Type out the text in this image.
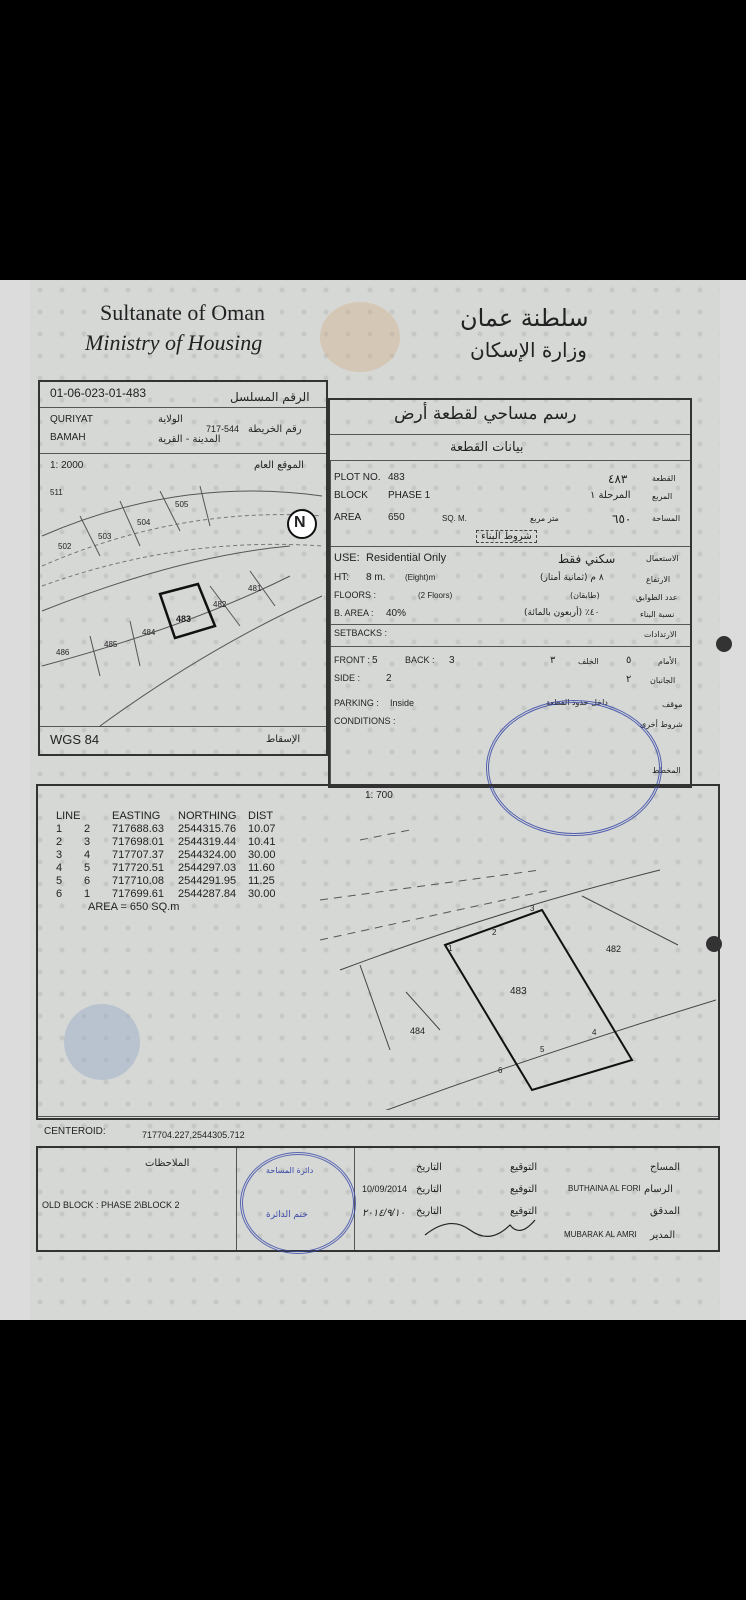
Sultanate of Oman
Ministry of Housing
سلطنة عمان
وزارة الإسكان
01-06-023-01-483	الرقم المسلسل
QURIYAT	الولاية
BAMAH	المدينة - القرية
717-544 رقم الخريطة
1: 2000	الموقع العام
N
511
505
504
503
502
481
482
483
484
485
486
WGS 84	الإسقاط
رسم مساحي لقطعة أرض
بيانات القطعة
PLOT NO. 483	٤٨٣	القطعة
BLOCK PHASE 1	المرحلة ١	المربع
AREA	650	SQ. M.	متر مربع	٦٥٠	المساحة
شروط البناء
USE: Residential Only	سكني فقط	الاستعمال
HT: 8 m. (Eight)m	٨ م (ثمانية أمتار)	الارتفاع
FLOORS :	(2 Floors)	(طابقان)	عدد الطوابق
B. AREA : 40%	٤٠٪ (أربعون بالمائة)	نسبة البناء
SETBACKS :	الارتدادات
FRONT : 5	BACK : 3	٣	الخلف	٥	الأمام
SIDE :	2	٢ الجانبان
PARKING : Inside	داخل حدود القطعة	موقف
CONDITIONS :	شروط أخرى
المخطط
1: 700
LINE	EASTING	NORTHING	DIST
1	2	717688.63	2544315.76	10.07
2	3	717698.01	2544319.44	10.41
3	4	717707.37	2544324.00	30.00
4	5	717720.51	2544297.03	11.60
5	6	717710.08	2544291.95	11.25
6	1	717699.61	2544287.84	30.00
AREA = 650 SQ.m
482
483
484
1
2
3
4
5
6
CENTEROID:	717704.227,2544305.712
الملاحظات
OLD BLOCK : PHASE 2\BLOCK 2
دائرة المساحة
ختم الدائرة
التاريخ	التوقيع	المساح
10/09/2014 التاريخ	التوقيع	BUTHAINA AL FORI الرسام
٢٠١٤/٩/١٠ التاريخ	التوقيع	المدقق
MUBARAK AL AMRI المدير
